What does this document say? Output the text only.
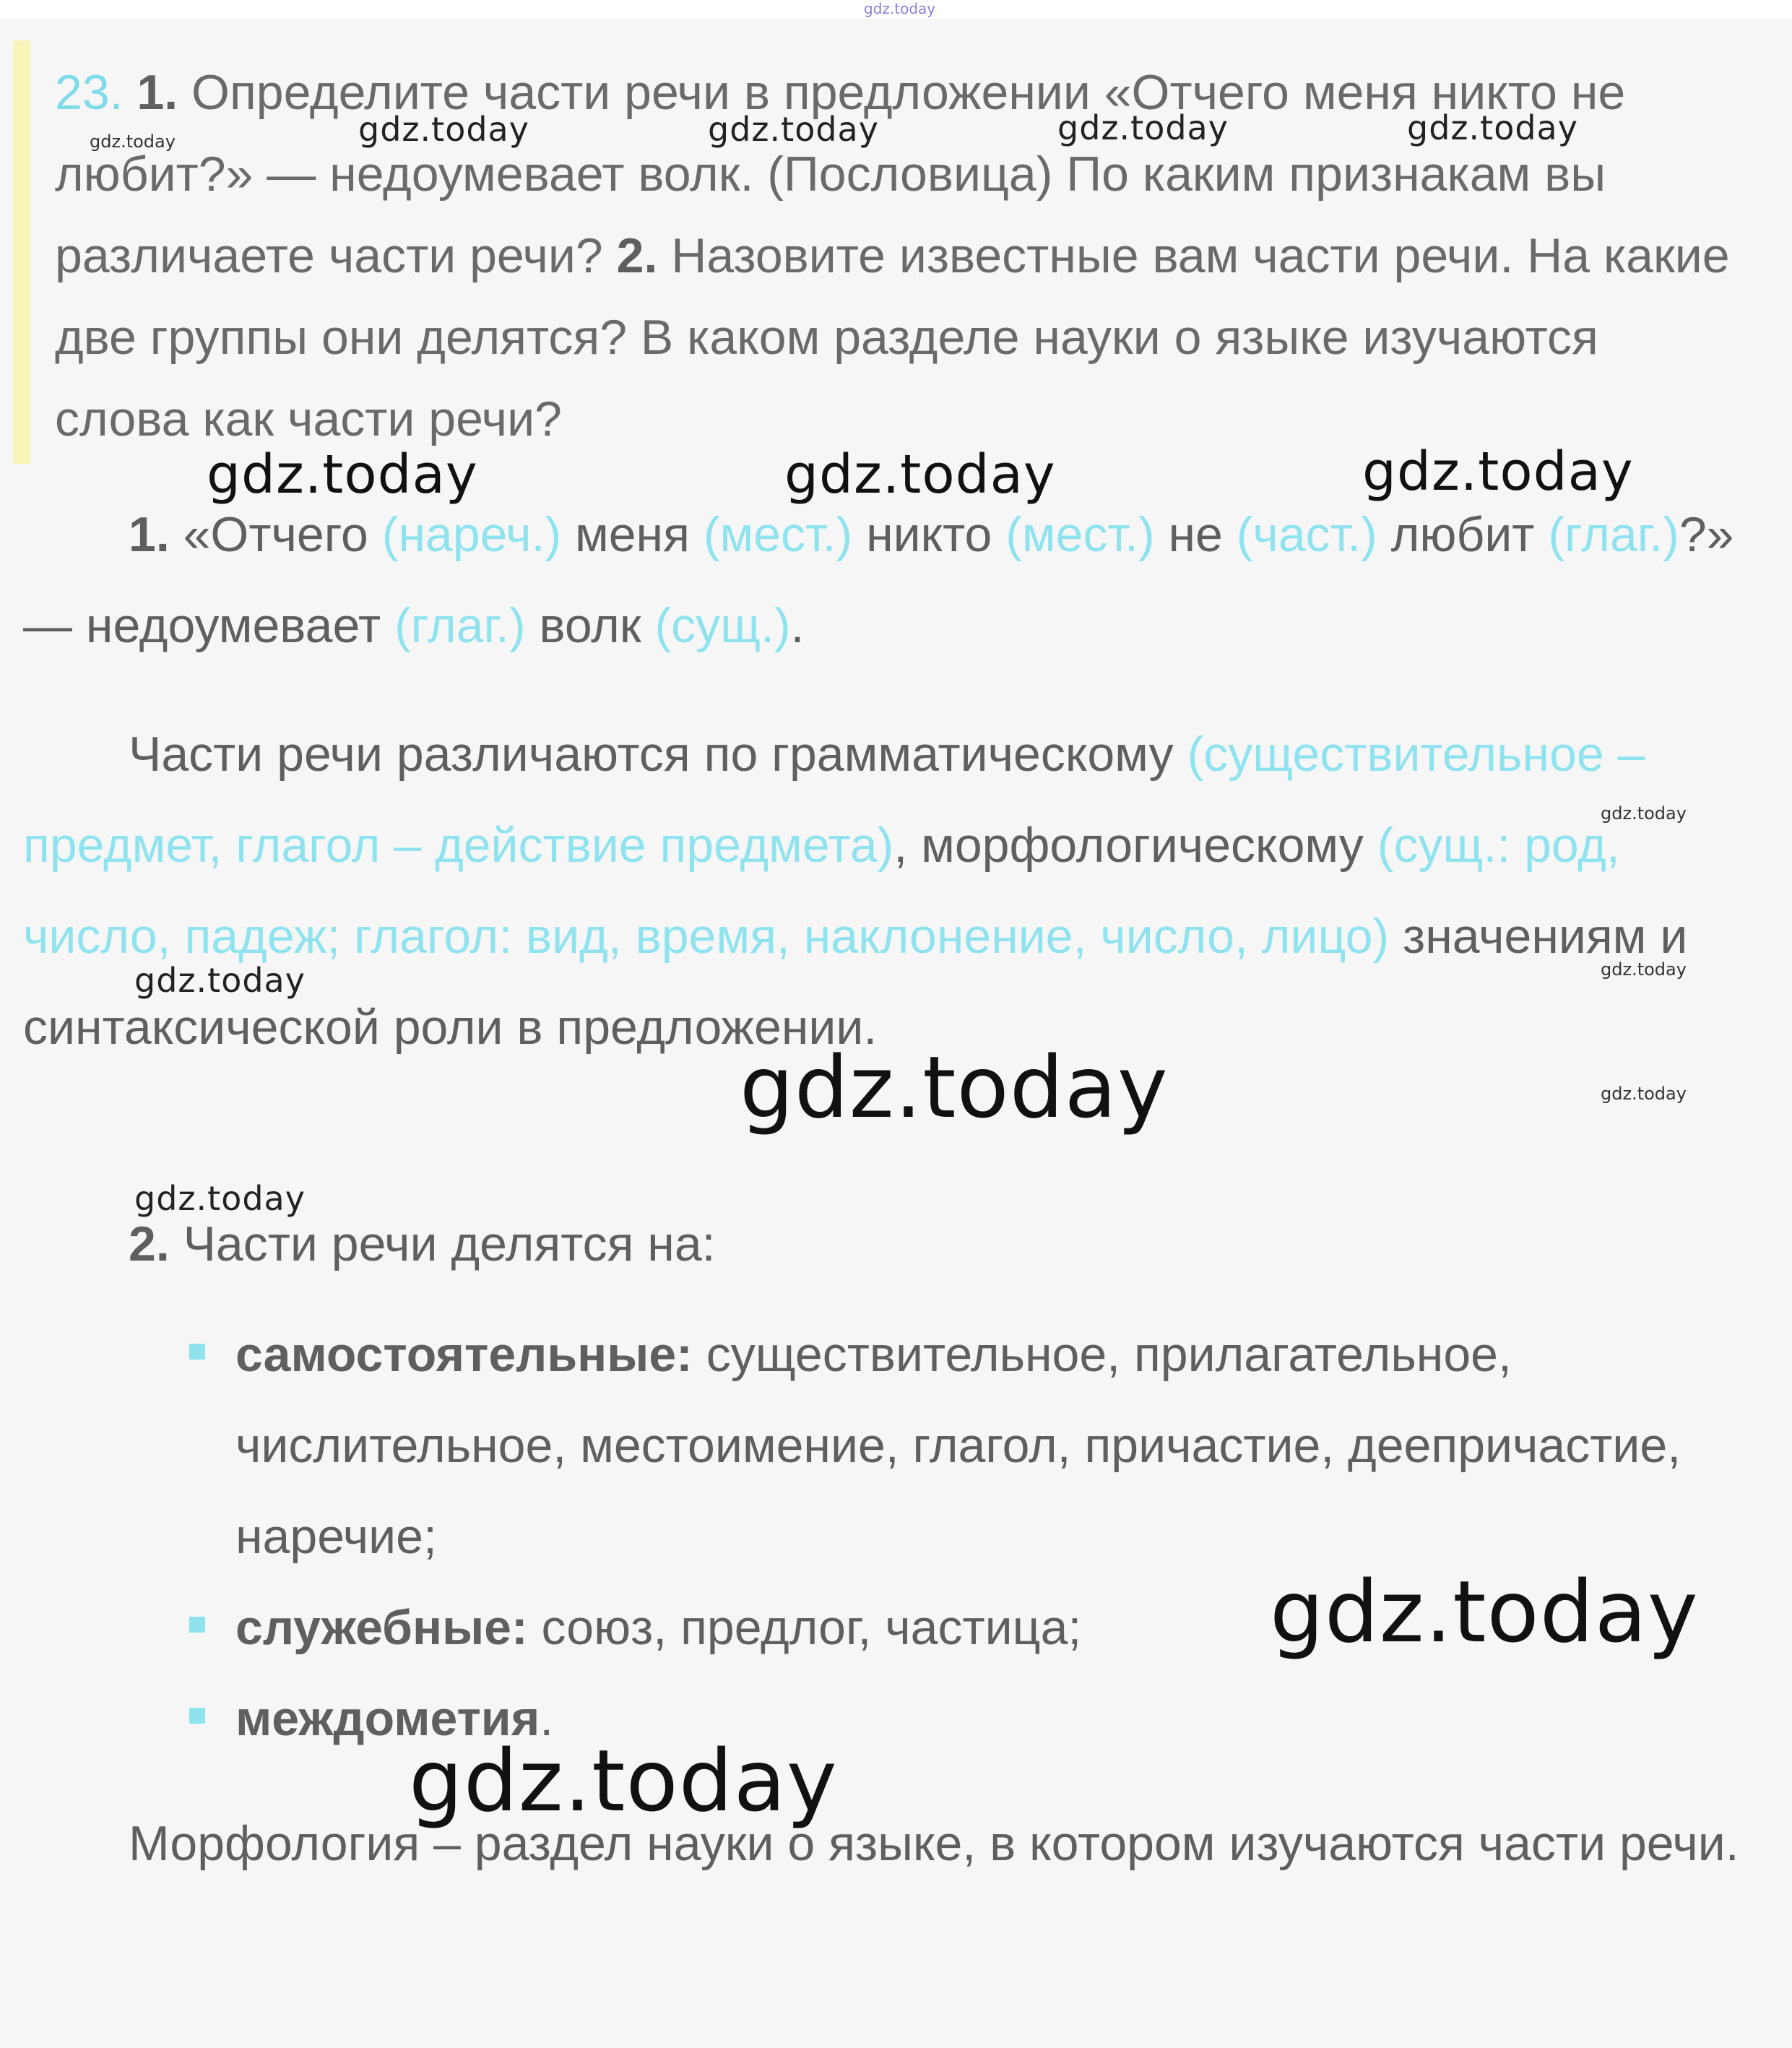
gdz.today

23. 1. Определите части речи в предложении «Отчего меня никто не любит?» — недоумевает волк. (Пословица) По каким признакам вы различаете части речи? 2. Назовите известные вам части речи. На какие две группы они делятся? В каком разделе науки о языке изучаются слова как части речи?

1. «Отчего (нареч.) меня (мест.) никто (мест.) не (част.) любит (глаг.)?» — недоумевает (глаг.) волк (сущ.).

Части речи различаются по грамматическому (существительное – предмет, глагол – действие предмета), морфологическому (сущ.: род, число, падеж; глагол: вид, время, наклонение, число, лицо) значениям и синтаксической роли в предложении.

2. Части речи делятся на:

самостоятельные: существительное, прилагательное, числительное, местоимение, глагол, причастие, деепричастие, наречие;
служебные: союз, предлог, частица;
междометия.

Морфология – раздел науки о языке, в котором изучаются части речи.

gdz.today	gdz.today	gdz.today	gdz.today	gdz.today
gdz.today	gdz.today	gdz.today
gdz.today
gdz.today	gdz.today
gdz.today	gdz.today
gdz.today
gdz.today
gdz.today
